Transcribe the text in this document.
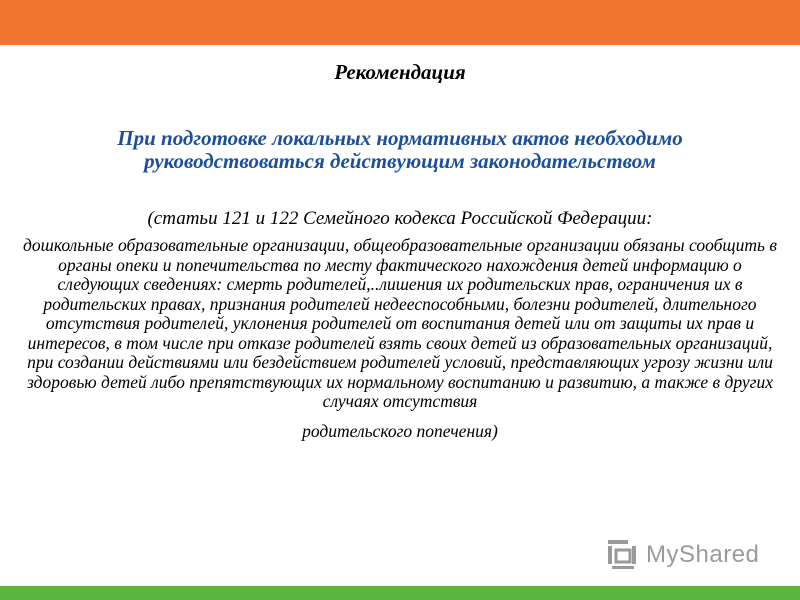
Рекомендация
При подготовке локальных нормативных актов необходимо руководствоваться действующим законодательством
(статьи 121 и 122 Семейного кодекса Российской Федерации:
дошкольные образовательные организации, общеобразовательные организации обязаны сообщить в органы опеки и попечительства по месту фактического нахождения детей информацию о следующих сведениях: смерть родителей,..лишения их родительских прав, ограничения их в родительских правах, признания родителей недееспособными, болезни родителей, длительного отсутствия родителей, уклонения родителей от воспитания детей или от защиты их прав и интересов, в том числе при отказе родителей взять своих детей из образовательных организаций, при создании действиями или бездействием родителей условий, представляющих угрозу жизни или здоровью детей либо препятствующих их нормальному воспитанию и развитию, а также в других случаях отсутствия
родительского попечения)
MyShared
